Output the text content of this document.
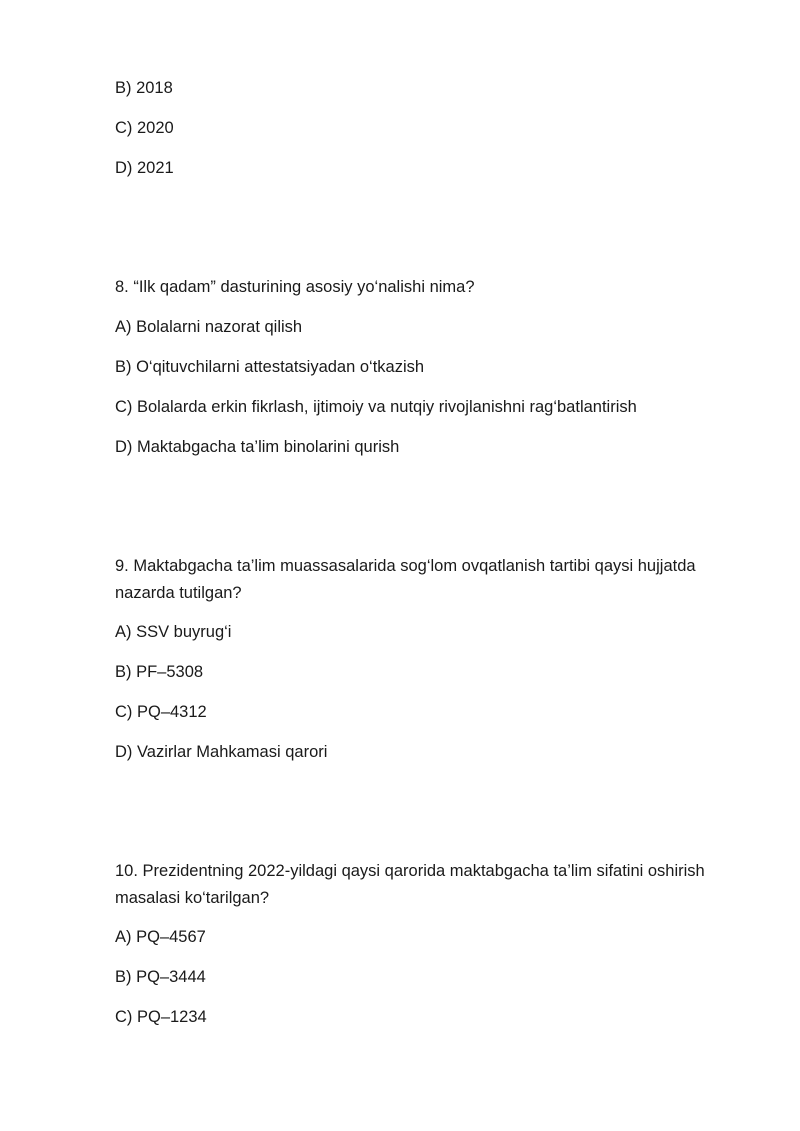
B) 2018
C) 2020
D) 2021
8. “Ilk qadam” dasturining asosiy yo‘nalishi nima?
A) Bolalarni nazorat qilish
B) O‘qituvchilarni attestatsiyadan o‘tkazish
C) Bolalarda erkin fikrlash, ijtimoiy va nutqiy rivojlanishni rag‘batlantirish
D) Maktabgacha ta’lim binolarini qurish
9. Maktabgacha ta’lim muassasalarida sog‘lom ovqatlanish tartibi qaysi hujjatda
nazarda tutilgan?
A) SSV buyrug‘i
B) PF–5308
C) PQ–4312
D) Vazirlar Mahkamasi qarori
10. Prezidentning 2022-yildagi qaysi qarorida maktabgacha ta’lim sifatini oshirish
masalasi ko‘tarilgan?
A) PQ–4567
B) PQ–3444
C) PQ–1234
